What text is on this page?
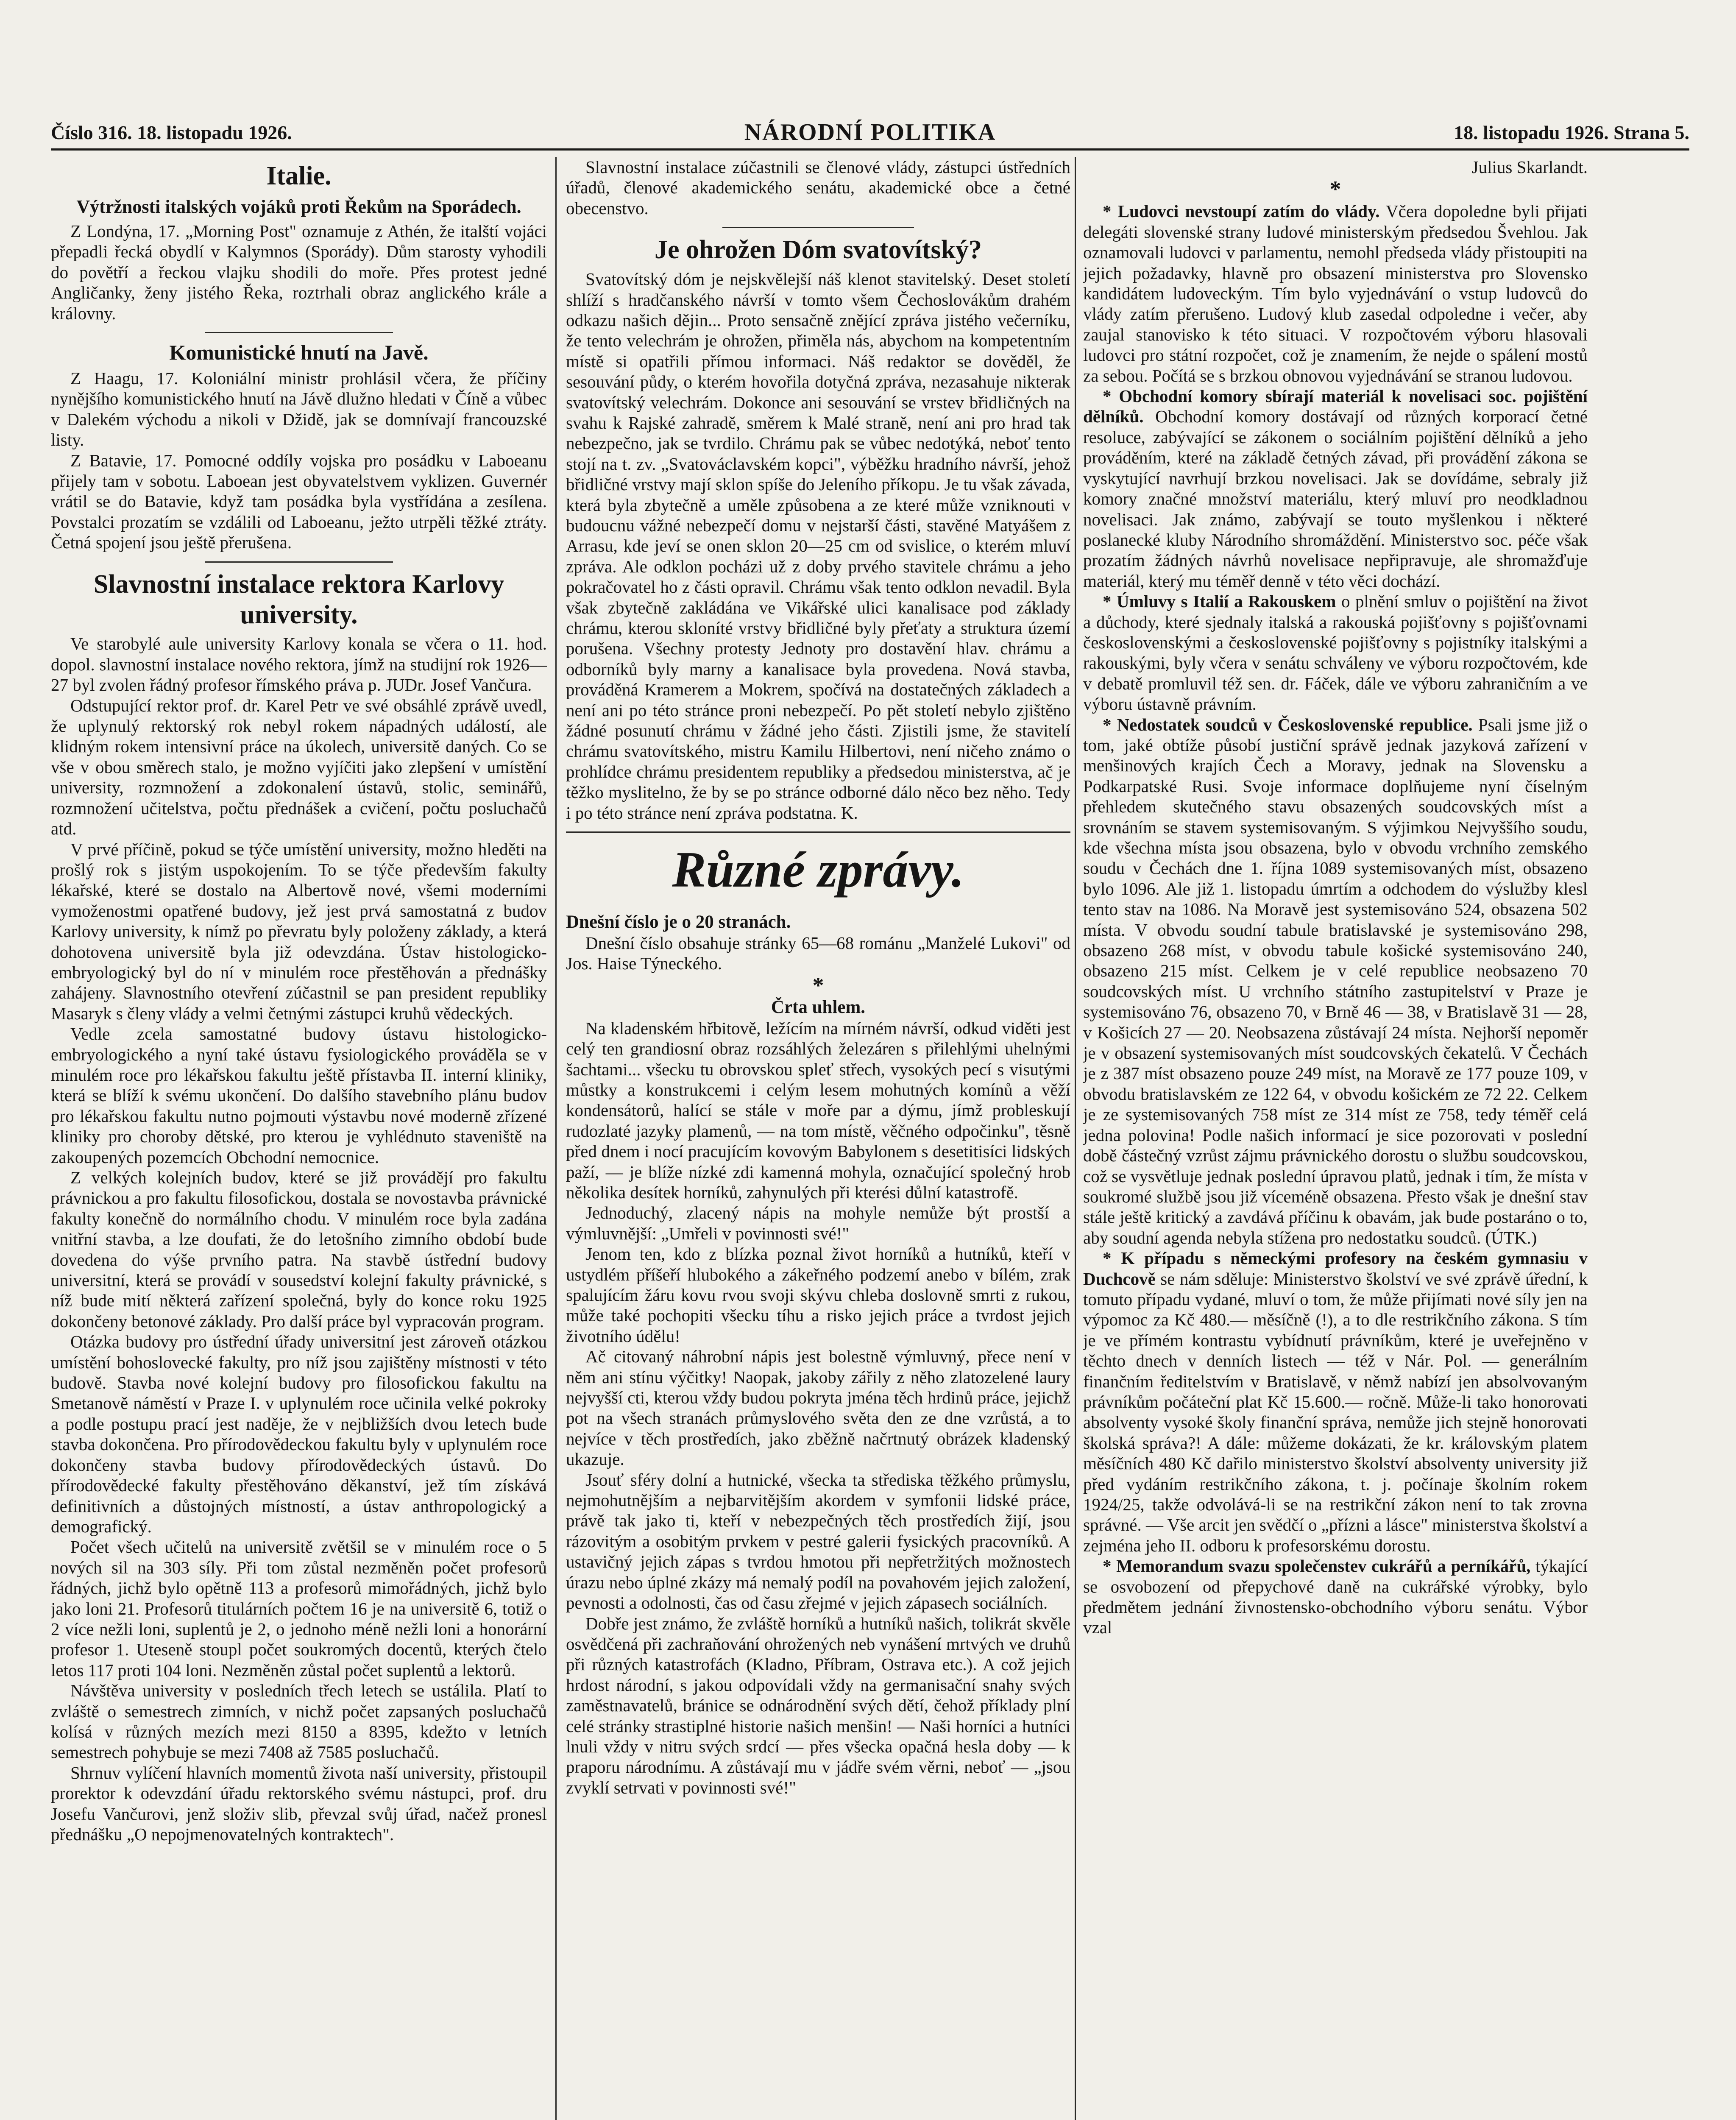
Číslo 316. 18. listopadu 1926.	NÁRODNÍ POLITIKA	18. listopadu 1926. Strana 5.
Italie.
Výtržnosti italských vojáků proti Řekům na Sporádech.

Z Londýna, 17. „Morning Post" oznamuje z Athén, že italští vojáci přepadli řecká obydlí v Kalymnos (Sporády). Dům starosty vyhodili do povětří a řeckou vlajku shodili do moře. Přes protest jedné Angličanky, ženy jistého Řeka, roztrhali obraz anglického krále a královny.

Komunistické hnutí na Javě.

Z Haagu, 17. Koloniální ministr prohlásil včera, že příčiny nynějšího komunistického hnutí na Jávě dlužno hledati v Číně a vůbec v Dalekém východu a nikoli v Džidě, jak se domnívají francouzské listy.

Z Batavie, 17. Pomocné oddíly vojska pro posádku v Laboeanu přijely tam v sobotu. Laboean jest obyvatelstvem vyklizen. Guvernér vrátil se do Batavie, když tam posádka byla vystřídána a zesílena. Povstalci prozatím se vzdálili od Laboeanu, ježto utrpěli těžké ztráty. Četná spojení jsou ještě přerušena.

Slavnostní instalace rektora Karlovy university.

Ve starobylé aule university Karlovy konala se včera o 11. hod. dopol. slavnostní instalace nového rektora, jímž na studijní rok 1926—27 byl zvolen řádný profesor římského práva p. JUDr. Josef Vančura.

Odstupující rektor prof. dr. Karel Petr ve své obsáhlé zprávě uvedl, že uplynulý rektorský rok nebyl rokem nápadných událostí, ale klidným rokem intensivní práce na úkolech, universitě daných. Co se vše v obou směrech stalo, je možno vyjíčiti jako zlepšení v umístění university, rozmnožení a zdokonalení ústavů, stolic, seminářů, rozmnožení učitelstva, počtu přednášek a cvičení, počtu posluchačů atd.

V prvé příčině, pokud se týče umístění university, možno hleděti na prošlý rok s jistým uspokojením. To se týče především fakulty lékařské, které se dostalo na Albertově nové, všemi moderními vymoženostmi opatřené budovy, jež jest prvá samostatná z budov Karlovy university, k nímž po převratu byly položeny základy, a která dohotovena universitě byla již odevzdána. Ústav histologicko-embryologický byl do ní v minulém roce přestěhován a přednášky zahájeny. Slavnostního otevření zúčastnil se pan president republiky Masaryk s členy vlády a velmi četnými zástupci kruhů vědeckých.

Vedle zcela samostatné budovy ústavu histologicko-embryologického a nyní také ústavu fysiologického prováděla se v minulém roce pro lékařskou fakultu ještě přístavba II. interní kliniky, která se blíží k svému ukončení. Do dalšího stavebního plánu budov pro lékařskou fakultu nutno pojmouti výstavbu nové moderně zřízené kliniky pro choroby dětské, pro kterou je vyhlédnuto staveniště na zakoupených pozemcích Obchodní nemocnice.

Z velkých kolejních budov, které se již provádějí pro fakultu právnickou a pro fakultu filosofickou, dostala se novostavba právnické fakulty konečně do normálního chodu. V minulém roce byla zadána vnitřní stavba, a lze doufati, že do letošního zimního období bude dovedena do výše prvního patra. Na stavbě ústřední budovy universitní, která se provádí v sousedství kolejní fakulty právnické, s níž bude mití některá zařízení společná, byly do konce roku 1925 dokončeny betonové základy. Pro další práce byl vypracován program.

Otázka budovy pro ústřední úřady universitní jest zároveň otázkou umístění bohoslovecké fakulty, pro níž jsou zajištěny místnosti v této budově. Stavba nové kolejní budovy pro filosofickou fakultu na Smetanově náměstí v Praze I. v uplynulém roce učinila velké pokroky a podle postupu prací jest naděje, že v nejbližších dvou letech bude stavba dokončena. Pro přírodovědeckou fakultu byly v uplynulém roce dokončeny stavba budovy přírodovědeckých ústavů. Do přírodovědecké fakulty přestěhováno děkanství, jež tím získává definitivních a důstojných místností, a ústav anthropologický a demografický.

Počet všech učitelů na universitě zvětšil se v minulém roce o 5 nových sil na 303 síly. Při tom zůstal nezměněn počet profesorů řádných, jichž bylo opětně 113 a profesorů mimořádných, jichž bylo jako loni 21. Profesorů titulárních počtem 16 je na universitě 6, totiž o 2 více nežli loni, suplentů je 2, o jednoho méně nežli loni a honorární profesor 1. Uteseně stoupl počet soukromých docentů, kterých čtelo letos 117 proti 104 loni. Nezměněn zůstal počet suplentů a lektorů.

Návštěva university v posledních třech letech se ustálila. Platí to zvláště o semestrech zimních, v nichž počet zapsaných posluchačů kolísá v různých mezích mezi 8150 a 8395, kdežto v letních semestrech pohybuje se mezi 7408 až 7585 posluchačů.

Shrnuv vylíčení hlavních momentů života naší university, přistoupil prorektor k odevzdání úřadu rektorského svému nástupci, prof. dru Josefu Vančurovi, jenž složiv slib, převzal svůj úřad, načež pronesl přednášku „O nepojmenovatelných kontraktech".

Slavnostní instalace zúčastnili se členové vlády, zástupci ústředních úřadů, členové akademického senátu, akademické obce a četné obecenstvo.

Je ohrožen Dóm svatovítský?

Svatovítský dóm je nejskvělejší náš klenot stavitelský. Deset století shlíží s hradčanského návrší v tomto všem Čechoslovákům drahém odkazu našich dějin... Proto sensačně znějící zpráva jistého večerníku, že tento velechrám je ohrožen, přiměla nás, abychom na kompetentním místě si opatřili přímou informaci. Náš redaktor se dověděl, že sesouvání půdy, o kterém hovořila dotyčná zpráva, nezasahuje nikterak svatovítský velechrám. Dokonce ani sesouvání se vrstev břidličných na svahu k Rajské zahradě, směrem k Malé straně, není ani pro hrad tak nebezpečno, jak se tvrdilo. Chrámu pak se vůbec nedotýká, neboť tento stojí na t. zv. „Svatováclavském kopci", výběžku hradního návrší, jehož břidličné vrstvy mají sklon spíše do Jeleního příkopu. Je tu však závada, která byla zbytečně a uměle způsobena a ze které může vzniknouti v budoucnu vážné nebezpečí domu v nejstarší části, stavěné Matyášem z Arrasu, kde jeví se onen sklon 20—25 cm od svislice, o kterém mluví zpráva. Ale odklon pocházi už z doby prvého stavitele chrámu a jeho pokračovatel ho z části opravil. Chrámu však tento odklon nevadil. Byla však zbytečně zakládána ve Vikářské ulici kanalisace pod základy chrámu, kterou skloníté vrstvy břidličné byly přeťaty a struktura území porušena. Všechny protesty Jednoty pro dostavění hlav. chrámu a odborníků byly marny a kanalisace byla provedena. Nová stavba, prováděná Kramerem a Mokrem, spočívá na dostatečných základech a není ani po této stránce proni nebezpečí. Po pět století nebylo zjištěno žádné posunutí chrámu v žádné jeho části. Zjistili jsme, že stavitelí chrámu svatovítského, mistru Kamilu Hilbertovi, není ničeho známo o prohlídce chrámu presidentem republiky a předsedou ministerstva, ač je těžko myslitelno, že by se po stránce odborné dálo něco bez něho. Tedy i po této stránce není zpráva podstatna. K.

Různé zprávy.

Dnešní číslo je o 20 stranách.

Dnešní číslo obsahuje stránky 65—68 románu „Manželé Lukovi" od Jos. Haise Týneckého.

*

Črta uhlem.

Na kladenském hřbitově, ležícím na mírném návrší, odkud viděti jest celý ten grandiosní obraz rozsáhlých železáren s přilehlými uhelnými šachtami... všecku tu obrovskou spleť střech, vysokých pecí s visutými můstky a konstrukcemi i celým lesem mohutných komínů a věží kondensátorů, halící se stále v moře par a dýmu, jímž probleskují rudozlaté jazyky plamenů, — na tom místě, věčného odpočinku", těsně před dnem i nocí pracujícím kovovým Babylonem s desetitisíci lidských paží, — je blíže nízké zdi kamenná mohyla, označující společný hrob několika desítek horníků, zahynulých při kterési důlní katastrofě.

Jednoduchý, zlacený nápis na mohyle nemůže být prostší a výmluvnější: „Umřeli v povinnosti své!"

Jenom ten, kdo z blízka poznal život horníků a hutníků, kteří v ustydlém příšeří hlubokého a zákeřného podzemí anebo v bílém, zrak spalujícím žáru kovu rvou svoji skývu chleba doslovně smrti z rukou, může také pochopiti všecku tíhu a riskо jejich práce a tvrdost jejich životního údělu!

Ač citovaný náhrobní nápis jest bolestně výmluvný, přece není v něm ani stínu výčitky! Naopak, jakoby zářily z něho zlatozelené laury nejvyšší cti, kterou vždy budou pokryta jména těch hrdinů práce, jejichž pot na všech stranách průmyslového světa den ze dne vzrůstá, a to nejvíce v těch prostředích, jako zběžně načrtnutý obrázek kladenský ukazuje.

Jsouť sféry dolní a hutnické, všecka ta střediska těžkého průmyslu, nejmohutnějším a nejbarvitějším akordem v symfonii lidské práce, právě tak jako ti, kteří v nebezpečných těch prostředích žijí, jsou rázovitým a osobitým prvkem v pestré galerii fysických pracovníků. A ustavičný jejich zápas s tvrdou hmotou při nepřetržitých možnostech úrazu nebo úplné zkázy má nemalý podíl na povahovém jejich založení, pevnosti a odolnosti, čas od času zřejmé v jejich zápasech sociálních.

Dobře jest známo, že zvláště horníků a hutníků našich, tolikrát skvěle osvědčená při zachraňování ohrožených neb vynášení mrtvých ve druhů při různých katastrofách (Kladno, Příbram, Ostrava etc.). A což jejich hrdost národní, s jakou odpovídali vždy na germanisační snahy svých zaměstnavatelů, bránice se odnárodnění svých dětí, čehož příklady plní celé stránky strastiplné historie našich menšin! — Naši horníci a hutníci lnuli vždy v nitru svých srdcí — přes všecka opačná hesla doby — k praporu národnímu. A zůstávají mu v jádře svém věrni, neboť — „jsou zvyklí setrvati v povinnosti své!"

Julius Skarlandt.

*

* Ludovci nevstoupí zatím do vlády. Včera dopoledne byli přijati delegáti slovenské strany ludové ministerským předsedou Švehlou. Jak oznamovali ludovci v parlamentu, nemohl předseda vlády přistoupiti na jejich požadavky, hlavně pro obsazení ministerstva pro Slovensko kandidátem ludoveckým. Tím bylo vyjednávání o vstup ludovců do vlády zatím přerušeno. Ludový klub zasedal odpoledne i večer, aby zaujal stanovisko k této situaci. V rozpočtovém výboru hlasovali ludovci pro státní rozpočet, což je znamením, že nejde o spálení mostů za sebou. Počítá se s brzkou obnovou vyjednávání se stranou ludovou.

* Obchodní komory sbírají materiál k novelisaci soc. pojištění dělníků. Obchodní komory dostávají od různých korporací četné resoluce, zabývající se zákonem o sociálním pojištění dělníků a jeho prováděním, které na základě četných závad, při provádění zákona se vyskytující navrhují brzkou novelisaci. Jak se dovídáme, sebraly již komory značné množství materiálu, který mluví pro neodkladnou novelisaci. Jak známo, zabývají se touto myšlenkou i některé poslanecké kluby Národního shromáždění. Ministerstvo soc. péče však prozatím žádných návrhů novelisace nepřipravuje, ale shromažďuje materiál, který mu téměř denně v této věci dochází.

* Úmluvy s Italií a Rakouskem o plnění smluv o pojištění na život a důchody, které sjednaly italská a rakouská pojišťovny s pojišťovnami československými a československé pojišťovny s pojistníky italskými a rakouskými, byly včera v senátu schváleny ve výboru rozpočtovém, kde v debatě promluvil též sen. dr. Fáček, dále ve výboru zahraničním a ve výboru ústavně právním.

* Nedostatek soudců v Československé republice. Psali jsme již o tom, jaké obtíže působí justiční správě jednak jazyková zařízení v menšinových krajích Čech a Moravy, jednak na Slovensku a Podkarpatské Rusi. Svoje informace doplňujeme nyní číselným přehledem skutečného stavu obsazených soudcovských míst a srovnáním se stavem systemisovaným. S výjimkou Nejvyššího soudu, kde všechna místa jsou obsazena, bylo v obvodu vrchního zemského soudu v Čechách dne 1. října 1089 systemisovaných míst, obsazeno bylo 1096. Ale již 1. listopadu úmrtím a odchodem do výslužby klesl tento stav na 1086. Na Moravě jest systemisováno 524, obsazena 502 místa. V obvodu soudní tabule bratislavské je systemisováno 298, obsazeno 268 míst, v obvodu tabule košické systemisováno 240, obsazeno 215 míst. Celkem je v celé republice neobsazeno 70 soudcovských míst. U vrchního státního zastupitelství v Praze je systemisováno 76, obsazeno 70, v Brně 46 — 38, v Bratislavě 31 — 28, v Košicích 27 — 20. Neobsazena zůstávají 24 místa. Nejhorší nepoměr je v obsazení systemisovaných míst soudcovských čekatelů. V Čechách je z 387 míst obsazeno pouze 249 míst, na Moravě ze 177 pouze 109, v obvodu bratislavském ze 122 64, v obvodu košickém ze 72 22. Celkem je ze systemisovaných 758 míst ze 314 míst ze 758, tedy téměř celá jedna polovina! Podle našich informací je sice pozorovati v poslední době částečný vzrůst zájmu právnického dorostu o službu soudcovskou, což se vysvětluje jednak poslední úpravou platů, jednak i tím, že místa v soukromé službě jsou již víceméně obsazena. Přesto však je dnešní stav stále ještě kritický a zavdává příčinu k obavám, jak bude postaráno o to, aby soudní agenda nebyla stížena pro nedostatku soudců. (ÚTK.)

* K případu s německými profesory na českém gymnasiu v Duchcově se nám sděluje: Ministerstvo školství ve své zprávě úřední, k tomuto případu vydané, mluví o tom, že může přijímati nové síly jen na výpomoc za Kč 480.— měsíčně (!), a to dle restrikčního zákona. S tím je ve přímém kontrastu vybídnutí právníkům, které je uveřejněno v těchto dnech v denních listech — též v Nár. Pol. — generálním finančním ředitelstvím v Bratislavě, v němž nabízí jen absolvovaným právníkům počáteční plat Kč 15.600.— ročně. Může-li tako honorovati absolventy vysoké školy finanční správa, nemůže jich stejně honorovati školská správa?! A dále: můžeme dokázati, že kr. královským platem měsíčních 480 Kč dařilo ministerstvo školství absolventy university již před vydáním restrikčního zákona, t. j. počínaje školním rokem 1924/25, takže odvolává-li se na restrikční zákon není to tak zrovna správné. — Vše arcit jen svědčí o „přízni a lásce" ministerstva školství a zejména jeho II. odboru k profesorskému dorostu.

* Memorandum svazu společenstev cukrářů a perníkářů, týkající se osvobození od přepychové daně na cukrářské výrobky, bylo předmětem jednání živnostensko-obchodního výboru senátu. Výbor vzal
